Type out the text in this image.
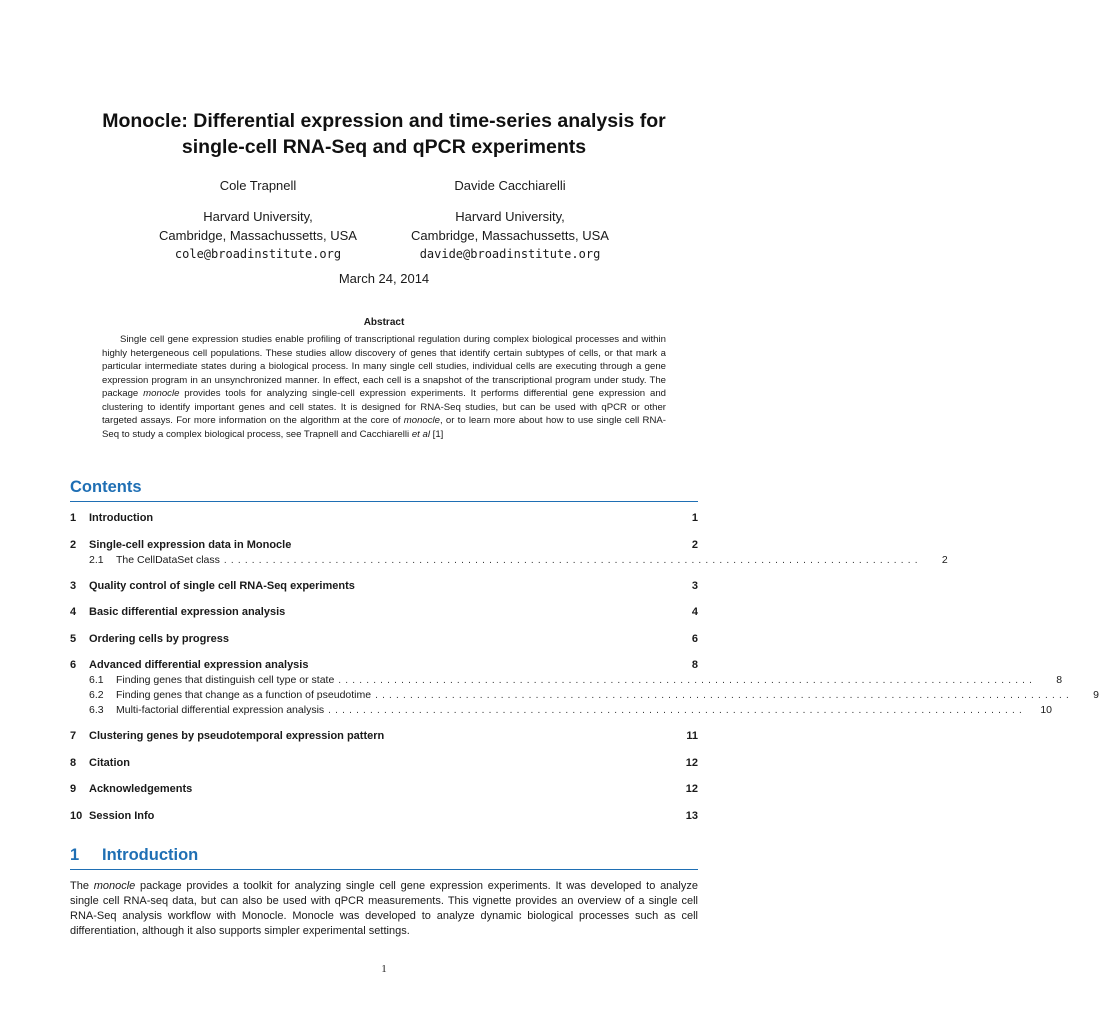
Monocle: Differential expression and time-series analysis for
single-cell RNA-Seq and qPCR experiments
Cole Trapnell
Harvard University,
Cambridge, Massachussetts, USA
cole@broadinstitute.org
Davide Cacchiarelli
Harvard University,
Cambridge, Massachussetts, USA
davide@broadinstitute.org
March 24, 2014
Abstract
Single cell gene expression studies enable profiling of transcriptional regulation during complex biological processes and within highly hetergeneous cell populations. These studies allow discovery of genes that identify certain subtypes of cells, or that mark a particular intermediate states during a biological process. In many single cell studies, individual cells are executing through a gene expression program in an unsynchronized manner. In effect, each cell is a snapshot of the transcriptional program under study. The package monocle provides tools for analyzing single-cell expression experiments. It performs differential gene expression and clustering to identify important genes and cell states. It is designed for RNA-Seq studies, but can be used with qPCR or other targeted assays. For more information on the algorithm at the core of monocle, or to learn more about how to use single cell RNA-Seq to study a complex biological process, see Trapnell and Cacchiarelli et al [1]
Contents
1	Introduction	1
2	Single-cell expression data in Monocle	2
2.1	The CellDataSet class ....................................................................................................	2
3	Quality control of single cell RNA-Seq experiments	3
4	Basic differential expression analysis	4
5	Ordering cells by progress	6
6	Advanced differential expression analysis	8
6.1	Finding genes that distinguish cell type or state ....................................................................................................	8
6.2	Finding genes that change as a function of pseudotime ....................................................................................................	9
6.3	Multi-factorial differential expression analysis ....................................................................................................	10
7	Clustering genes by pseudotemporal expression pattern	11
8	Citation	12
9	Acknowledgements	12
10 Session Info	13
1 Introduction
The monocle package provides a toolkit for analyzing single cell gene expression experiments. It was developed to analyze single cell RNA-seq data, but can also be used with qPCR measurements. This vignette provides an overview of a single cell RNA-Seq analysis workflow with Monocle. Monocle was developed to analyze dynamic biological processes such as cell differentiation, although it also supports simpler experimental settings.
1
